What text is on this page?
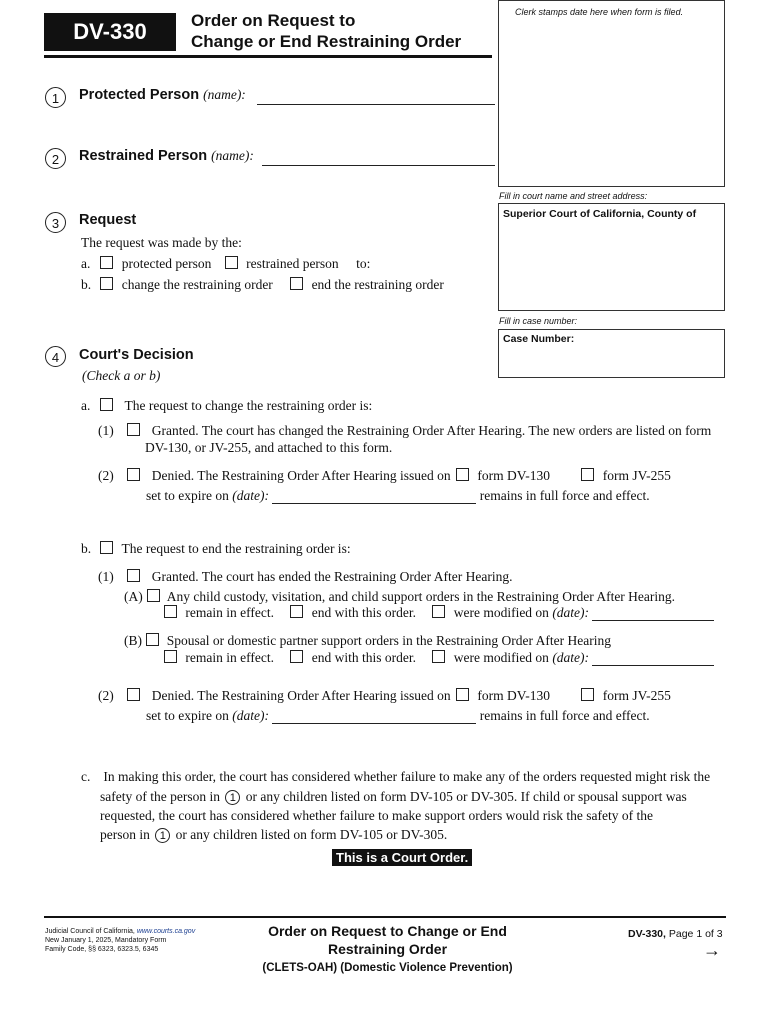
DV-330	Order on Request to
Change or End Restraining Order
Clerk stamps date here when form is filed.
Fill in court name and street address:
Superior Court of California, County of
Fill in case number:
Case Number:
1	Protected Person (name):
2	Restrained Person (name):
3	Request
The request was made by the:
a. protected person	restrained person to:
b. change the restraining order	end the restraining order
4	Court's Decision
(Check a or b)
a.	The request to change the restraining order is:
(1)	Granted. The court has changed the Restraining Order After Hearing. The new orders are listed on form
DV-130, or JV-255, and attached to this form.
(2)	Denied. The Restraining Order After Hearing issued on form DV-130	form JV-255
set to expire on (date):	remains in full force and effect.
b. The request to end the restraining order is:
(1)	Granted. The court has ended the Restraining Order After Hearing.
(A) Any child custody, visitation, and child support orders in the Restraining Order After Hearing.
remain in effect.	end with this order.	were modified on (date):
(B) Spousal or domestic partner support orders in the Restraining Order After Hearing
remain in effect.	end with this order.	were modified on (date):
(2)	Denied. The Restraining Order After Hearing issued on form DV-130	form JV-255
set to expire on (date):	remains in full force and effect.
c. In making this order, the court has considered whether failure to make any of the orders requested might risk the
safety of the person in 1 or any children listed on form DV-105 or DV-305. If child or spousal support was
requested, the court has considered whether failure to make support orders would risk the safety of the
person in 1 or any children listed on form DV-105 or DV-305.
This is a Court Order.
Judicial Council of California, www.courts.ca.gov
New January 1, 2025, Mandatory Form
Family Code, §§ 6323, 6323.5, 6345
Order on Request to Change or End
Restraining Order
(CLETS-OAH) (Domestic Violence Prevention)
DV-330, Page 1 of 3
→
